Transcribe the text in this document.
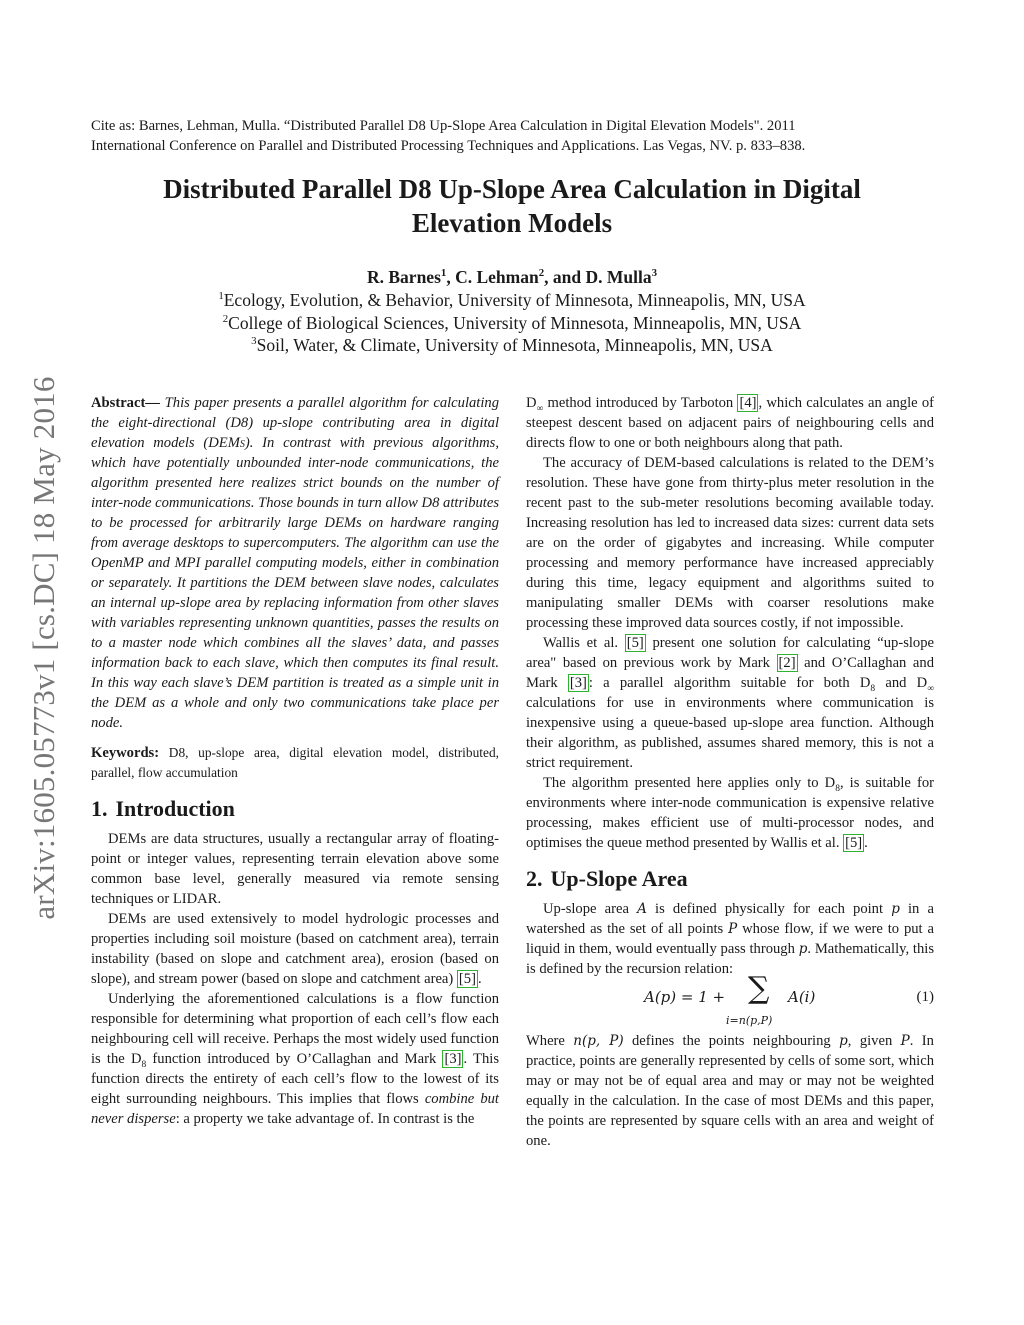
arXiv:1605.05773v1 [cs.DC] 18 May 2016
Cite as: Barnes, Lehman, Mulla. “Distributed Parallel D8 Up-Slope Area Calculation in Digital Elevation Models". 2011
International Conference on Parallel and Distributed Processing Techniques and Applications. Las Vegas, NV. p. 833–838.
Distributed Parallel D8 Up-Slope Area Calculation in Digital
Elevation Models
R. Barnes$^1$, C. Lehman$^2$, and D. Mulla$^3$
$^1$Ecology, Evolution, & Behavior, University of Minnesota, Minneapolis, MN, USA
$^2$College of Biological Sciences, University of Minnesota, Minneapolis, MN, USA
$^3$Soil, Water, & Climate, University of Minnesota, Minneapolis, MN, USA

Abstract— This paper presents a parallel algorithm for calculating the eight-directional (D8) up-slope contributing area in digital elevation models (DEMs). In contrast with previous algorithms, which have potentially unbounded inter-node communications, the algorithm presented here realizes strict bounds on the number of inter-node communications. Those bounds in turn allow D8 attributes to be processed for arbitrarily large DEMs on hardware ranging from average desktops to supercomputers. The algorithm can use the OpenMP and MPI parallel computing models, either in combination or separately. It partitions the DEM between slave nodes, calculates an internal up-slope area by replacing information from other slaves with variables representing unknown quantities, passes the results on to a master node which combines all the slaves’ data, and passes information back to each slave, which then computes its final result. In this way each slave’s DEM partition is treated as a simple unit in the DEM as a whole and only two communications take place per node.

Keywords: D8, up-slope area, digital elevation model, distributed, parallel, flow accumulation

1. Introduction

DEMs are data structures, usually a rectangular array of floating-point or integer values, representing terrain elevation above some common base level, generally measured via remote sensing techniques or LIDAR.

DEMs are used extensively to model hydrologic processes and properties including soil moisture (based on catchment area), terrain instability (based on slope and catchment area), erosion (based on slope), and stream power (based on slope and catchment area) [5] .

Underlying the aforementioned calculations is a flow function responsible for determining what proportion of each cell’s flow each neighbouring cell will receive. Perhaps the most widely used function is the $D_8$ function introduced by O’Callaghan and Mark [3] . This function directs the entirety of each cell’s flow to the lowest of its eight surrounding neighbours. This implies that flows combine but never disperse: a property we take advantage of. In contrast is the

$D_\infty$ method introduced by Tarboton [4] , which calculates an angle of steepest descent based on adjacent pairs of neighbouring cells and directs flow to one or both neighbours along that path.

The accuracy of DEM-based calculations is related to the DEM’s resolution. These have gone from thirty-plus meter resolution in the recent past to the sub-meter resolutions becoming available today. Increasing resolution has led to increased data sizes: current data sets are on the order of gigabytes and increasing. While computer processing and memory performance have increased appreciably during this time, legacy equipment and algorithms suited to manipulating smaller DEMs with coarser resolutions make processing these improved data sources costly, if not impossible.

Wallis et al. [5] present one solution for calculating “up-slope area" based on previous work by Mark [2] and O’Callaghan and Mark [3] : a parallel algorithm suitable for both $D_8$ and $D_\infty$ calculations for use in environments where communication is inexpensive using a queue-based up-slope area function. Although their algorithm, as published, assumes shared memory, this is not a strict requirement.

The algorithm presented here applies only to $D_8$, is suitable for environments where inter-node communication is expensive relative processing, makes efficient use of multi-processor nodes, and optimises the queue method presented by Wallis et al. [5] .

2. Up-Slope Area

Up-slope area A is defined physically for each point p in a watershed as the set of all points P whose flow, if we were to put a liquid in them, would eventually pass through p. Mathematically, this is defined by the recursion relation:

A(p) = 1 + ∑
i=n(p,P)
A(i)	(1)

Where n(p, P) defines the points neighbouring p, given P. In practice, points are generally represented by cells of some sort, which may or may not be of equal area and may or may not be weighted equally in the calculation. In the case of most DEMs and this paper, the points are represented by square cells with an area and weight of one.
